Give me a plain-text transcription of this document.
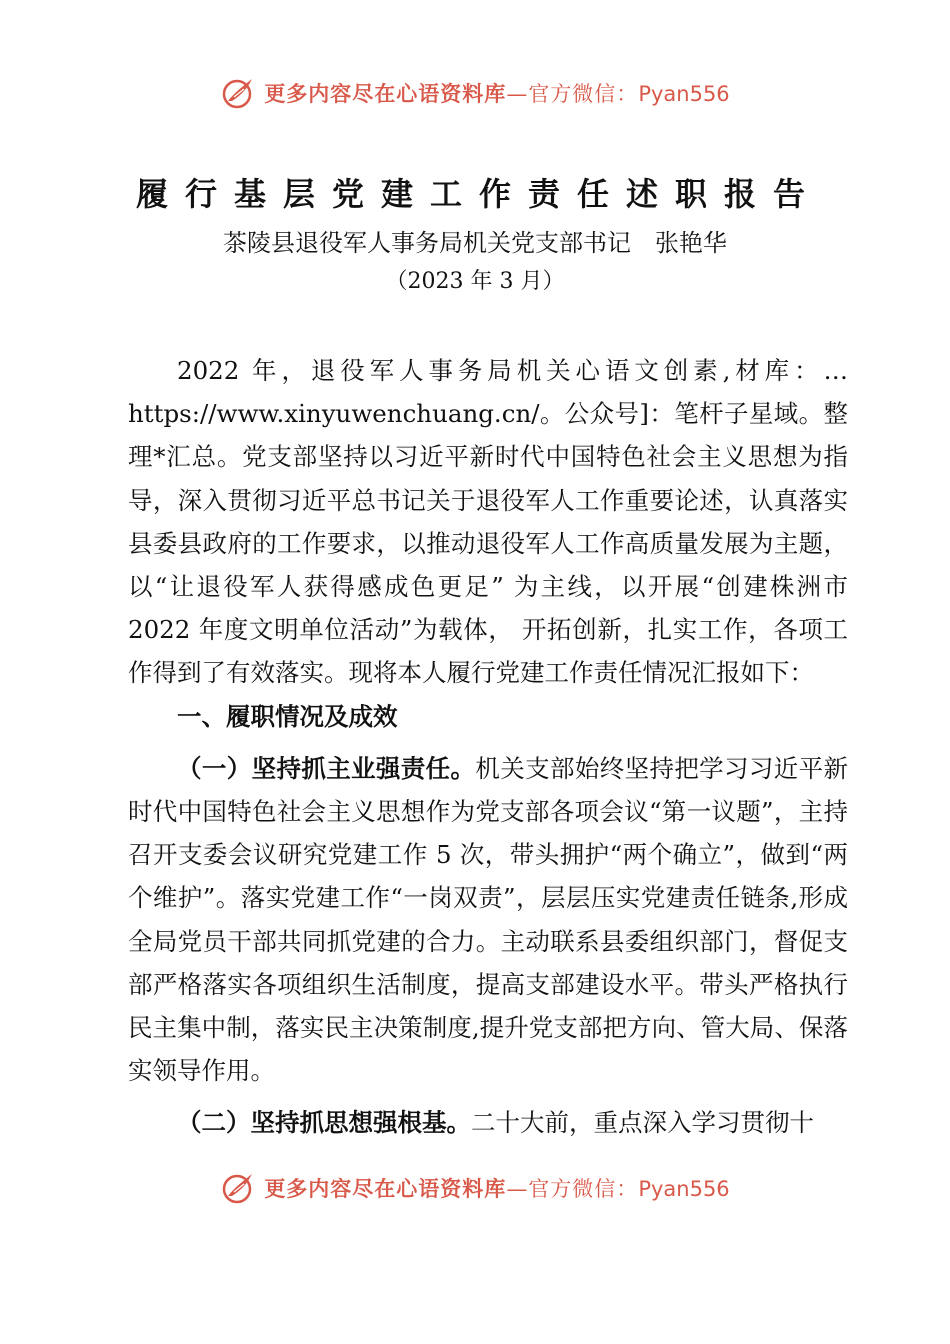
更多内容尽在心语资料库—官方微信：Pyan556
履行基层党建工作责任述职报告
茶陵县退役军人事务局机关党支部书记　张艳华
（2023 年 3 月）

2022 年，退役军人事务局机关心语文创素,材库：… https://www.xinyuwenchuang.cn/。公众号]：笔杆子星域。整理*汇总。党支部坚持以习近平新时代中国特色社会主义思想为指导，深入贯彻习近平总书记关于退役军人工作重要论述，认真落实县委县政府的工作要求，以推动退役军人工作高质量发展为主题，以“让退役军人获得感成色更足” 为主线，以开展“创建株洲市 2022 年度文明单位活动”为载体， 开拓创新，扎实工作，各项工作得到了有效落实。现将本人履行党建工作责任情况汇报如下：

一、履职情况及成效

（一）坚持抓主业强责任。机关支部始终坚持把学习习近平新时代中国特色社会主义思想作为党支部各项会议“第一议题”，主持召开支委会议研究党建工作 5 次，带头拥护“两个确立”，做到“两个维护”。落实党建工作“一岗双责”，层层压实党建责任链条,形成全局党员干部共同抓党建的合力。主动联系县委组织部门，督促支部严格落实各项组织生活制度，提高支部建设水平。带头严格执行民主集中制，落实民主决策制度,提升党支部把方向、管大局、保落实领导作用。

（二）坚持抓思想强根基。二十大前，重点深入学习贯彻十

更多内容尽在心语资料库—官方微信：Pyan556
